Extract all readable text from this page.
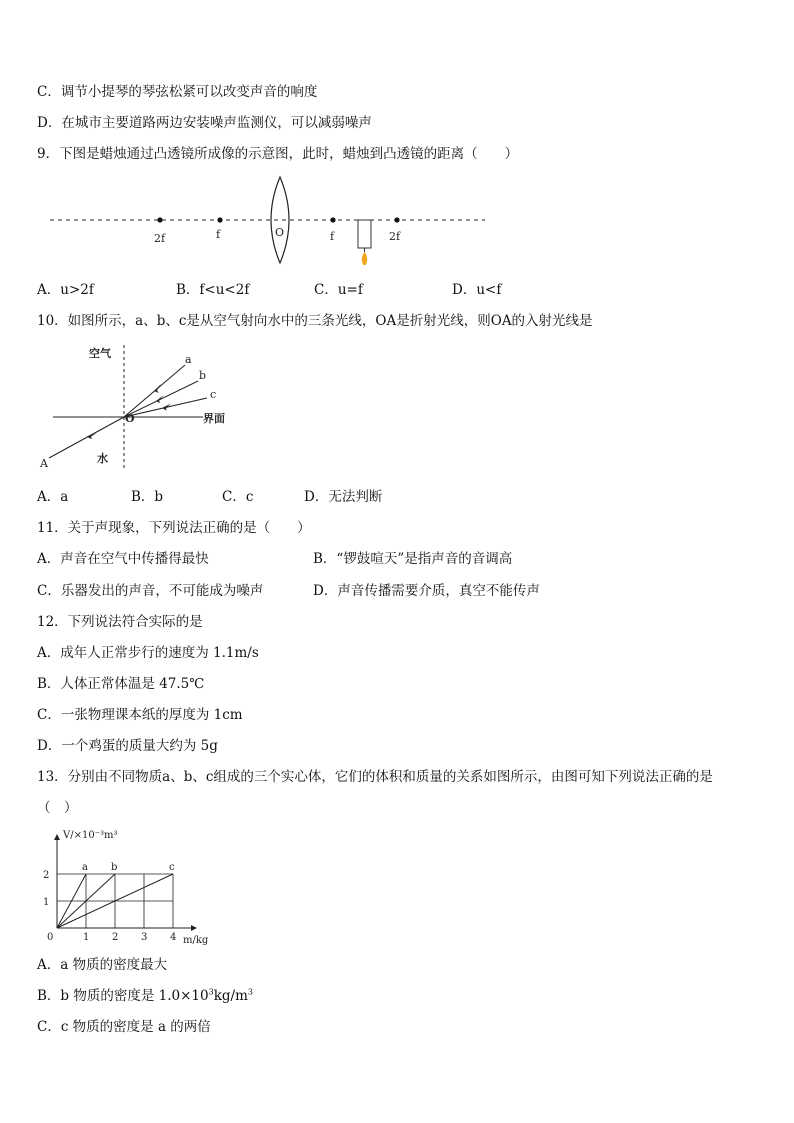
C．调节小提琴的琴弦松紧可以改变声音的响度
D．在城市主要道路两边安装噪声监测仪，可以减弱噪声
9．下图是蜡烛通过凸透镜所成像的示意图，此时，蜡烛到凸透镜的距离（　　）
2f	f	O	f	2f
A．u>2f	B．f<u<2f	C．u=f	D．u<f
10．如图所示，a、b、c是从空气射向水中的三条光线，OA是折射光线，则OA的入射光线是
空气
水
界面
O
a
b
c
A
A．a	B．b	C．c	D．无法判断
11．关于声现象，下列说法正确的是（　　）
A．声音在空气中传播得最快	B．“锣鼓喧天”是指声音的音调高
C．乐器发出的声音，不可能成为噪声	D．声音传播需要介质，真空不能传声
12．下列说法符合实际的是
A．成年人正常步行的速度为 1.1m/s
B．人体正常体温是 47.5℃
C．一张物理课本纸的厚度为 1cm
D．一个鸡蛋的质量大约为 5g
13．分别由不同物质a、b、c组成的三个实心体，它们的体积和质量的关系如图所示，由图可知下列说法正确的是
（　）
0	1 2 3 4
1
2
a b	c
V/×10⁻³m³
m/kg
A．a 物质的密度最大
B．b 物质的密度是 $1.0\times 10^3kg/m^3$
C．c 物质的密度是 a 的两倍
